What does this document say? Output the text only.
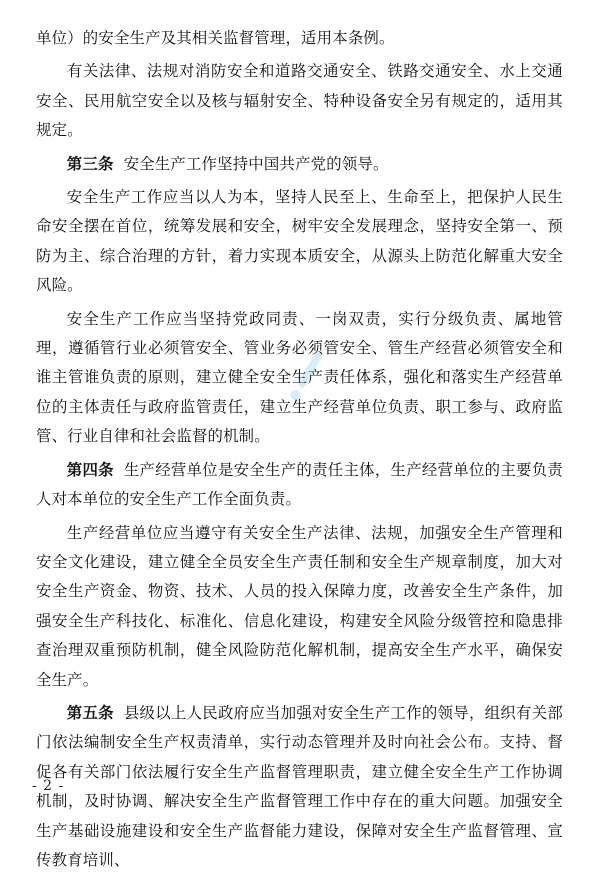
单位）的安全生产及其相关监督管理，适用本条例。

有关法律、法规对消防安全和道路交通安全、铁路交通安全、水上交通安全、民用航空安全以及核与辐射安全、特种设备安全另有规定的，适用其规定。

第三条 安全生产工作坚持中国共产党的领导。

安全生产工作应当以人为本，坚持人民至上、生命至上，把保护人民生命安全摆在首位，统筹发展和安全，树牢安全发展理念，坚持安全第一、预防为主、综合治理的方针，着力实现本质安全，从源头上防范化解重大安全风险。

安全生产工作应当坚持党政同责、一岗双责，实行分级负责、属地管理，遵循管行业必须管安全、管业务必须管安全、管生产经营必须管安全和谁主管谁负责的原则，建立健全安全生产责任体系，强化和落实生产经营单位的主体责任与政府监管责任，建立生产经营单位负责、职工参与、政府监管、行业自律和社会监督的机制。

第四条 生产经营单位是安全生产的责任主体，生产经营单位的主要负责人对本单位的安全生产工作全面负责。

生产经营单位应当遵守有关安全生产法律、法规，加强安全生产管理和安全文化建设，建立健全全员安全生产责任制和安全生产规章制度，加大对安全生产资金、物资、技术、人员的投入保障力度，改善安全生产条件，加强安全生产科技化、标准化、信息化建设，构建安全风险分级管控和隐患排查治理双重预防机制，健全风险防范化解机制，提高安全生产水平，确保安全生产。

第五条 县级以上人民政府应当加强对安全生产工作的领导，组织有关部门依法编制安全生产权责清单，实行动态管理并及时向社会公布。支持、督促各有关部门依法履行安全生产监督管理职责，建立健全安全生产工作协调机制，及时协调、解决安全生产监督管理工作中存在的重大问题。加强安全生产基础设施建设和安全生产监督能力建设，保障对安全生产监督管理、宣传教育培训、

- 2 -
